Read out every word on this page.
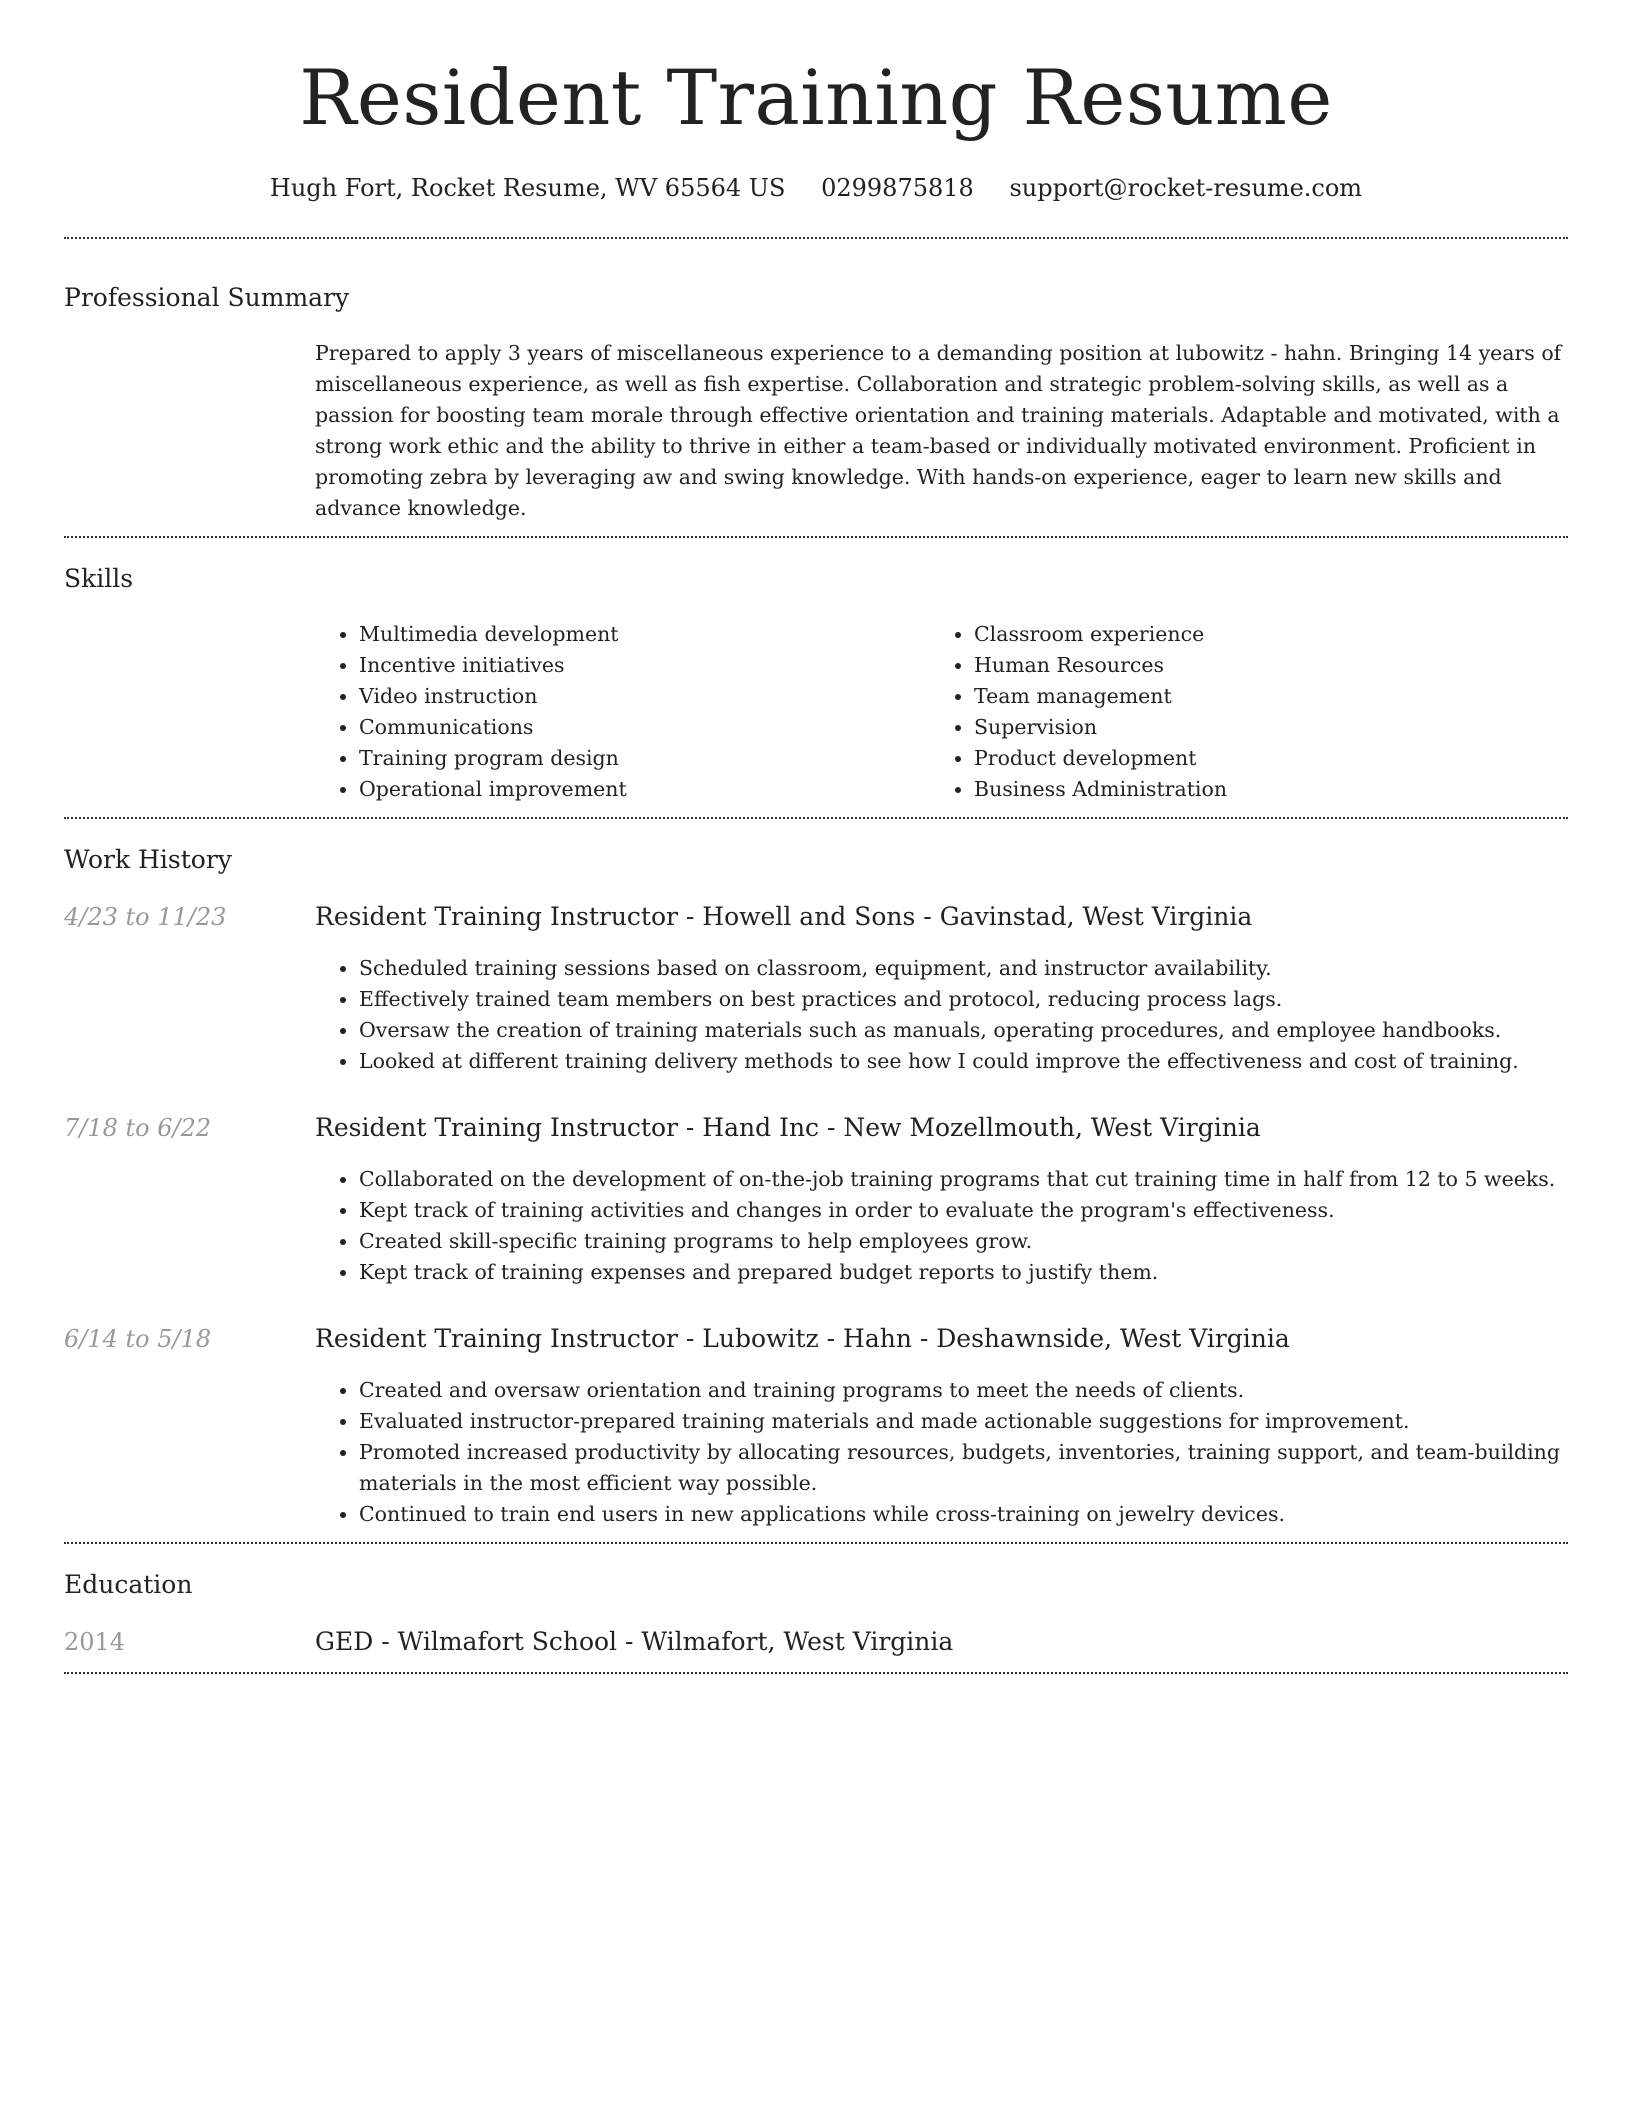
Resident Training Resume
Hugh Fort, Rocket Resume, WV 65564 US 0299875818 support@rocket-resume.com
Professional Summary
Prepared to apply 3 years of miscellaneous experience to a demanding position at lubowitz - hahn. Bringing 14 years of miscellaneous experience, as well as fish expertise. Collaboration and strategic problem-solving skills, as well as a passion for boosting team morale through effective orientation and training materials. Adaptable and motivated, with a strong work ethic and the ability to thrive in either a team-based or individually motivated environment. Proficient in promoting zebra by leveraging aw and swing knowledge. With hands-on experience, eager to learn new skills and advance knowledge.
Skills
• Multimedia development
• Incentive initiatives
• Video instruction
• Communications
• Training program design
• Operational improvement
• Classroom experience
• Human Resources
• Team management
• Supervision
• Product development
• Business Administration
Work History
4/23 to 11/23	Resident Training Instructor - Howell and Sons - Gavinstad, West Virginia
• Scheduled training sessions based on classroom, equipment, and instructor availability.
• Effectively trained team members on best practices and protocol, reducing process lags.
• Oversaw the creation of training materials such as manuals, operating procedures, and employee handbooks.
• Looked at different training delivery methods to see how I could improve the effectiveness and cost of training.
7/18 to 6/22	Resident Training Instructor - Hand Inc - New Mozellmouth, West Virginia
• Collaborated on the development of on-the-job training programs that cut training time in half from 12 to 5 weeks.
• Kept track of training activities and changes in order to evaluate the program's effectiveness.
• Created skill-specific training programs to help employees grow.
• Kept track of training expenses and prepared budget reports to justify them.
6/14 to 5/18	Resident Training Instructor - Lubowitz - Hahn - Deshawnside, West Virginia
• Created and oversaw orientation and training programs to meet the needs of clients.
• Evaluated instructor-prepared training materials and made actionable suggestions for improvement.
• Promoted increased productivity by allocating resources, budgets, inventories, training support, and team-building materials in the most efficient way possible.
• Continued to train end users in new applications while cross-training on jewelry devices.
Education
2014	GED - Wilmafort School - Wilmafort, West Virginia
